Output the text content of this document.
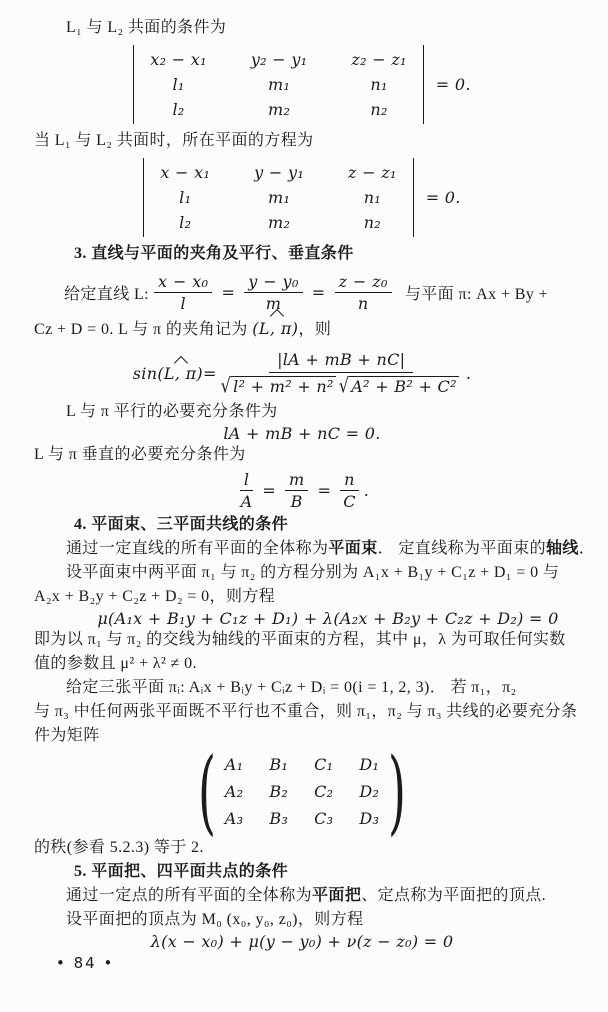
L₁ 与 L₂ 共面的条件为

x₂ − x₁	y₂ − y₁	z₂ − z₁
l₁	m₁	n₁
l₂	m₂	n₂
= 0.

当 L₁ 与 L₂ 共面时，所在平面的方程为

x − x₁	y − y₁	z − z₁
l₁	m₁	n₁
l₂	m₂	n₂
= 0.

3. 直线与平面的夹角及平行、垂直条件

给定直线 L: $\frac{\text{x − x₀}}{l} = \frac{\text{y − y₀}}{m} = \frac{\text{z − z₀}}{n}$ 与平面 π: Ax + By +

Cz + D = 0. L 与 π 的夹角记为 (L, π)，则

sin (L, $\pi) = \frac{|lA + mB + nC|}{\text{√ l² + m² + n² √ A² + B² + C²}}$ .

L 与 π 平行的必要充分条件为

lA + mB + nC = 0.

L 与 π 垂直的必要充分条件为

$\frac{l}{A} = \frac{m}{B} = \frac{n}{C}$ .

4. 平面束、三平面共线的条件

通过一定直线的所有平面的全体称为平面束． 定直线称为平面束的轴线．

设平面束中两平面 π₁ 与 π₂ 的方程分别为 A₁x + B₁y + C₁z + D₁ = 0 与

A₂x + B₂y + C₂z + D₂ = 0，则方程

μ(A₁x + B₁y + C₁z + D₁) + λ(A₂x + B₂y + C₂z + D₂) = 0

即为以 π₁ 与 π₂ 的交线为轴线的平面束的方程，其中 μ，λ 为可取任何实数

值的参数且 μ² + λ² ≠ 0.

给定三张平面 πᵢ: Aᵢx + Bᵢy + Cᵢz + Dᵢ = 0(i = 1, 2, 3)． 若 π₁，π₂

与 π₃ 中任何两张平面既不平行也不重合，则 π₁，π₂ 与 π₃ 共线的必要充分条

件为矩阵

( A₁ B₁ C₁ D₁
A₂ B₂ C₂ D₂
A₃ B₃ C₃ D₃ )

的秩(参看 5.2.3) 等于 2.

5. 平面把、四平面共点的条件

通过一定点的所有平面的全体称为平面把、定点称为平面把的顶点.

设平面把的顶点为 M₀ (x₀, y₀, z₀)，则方程

λ(x − x₀) + μ(y − y₀) + ν(z − z₀) = 0
• 84 •
